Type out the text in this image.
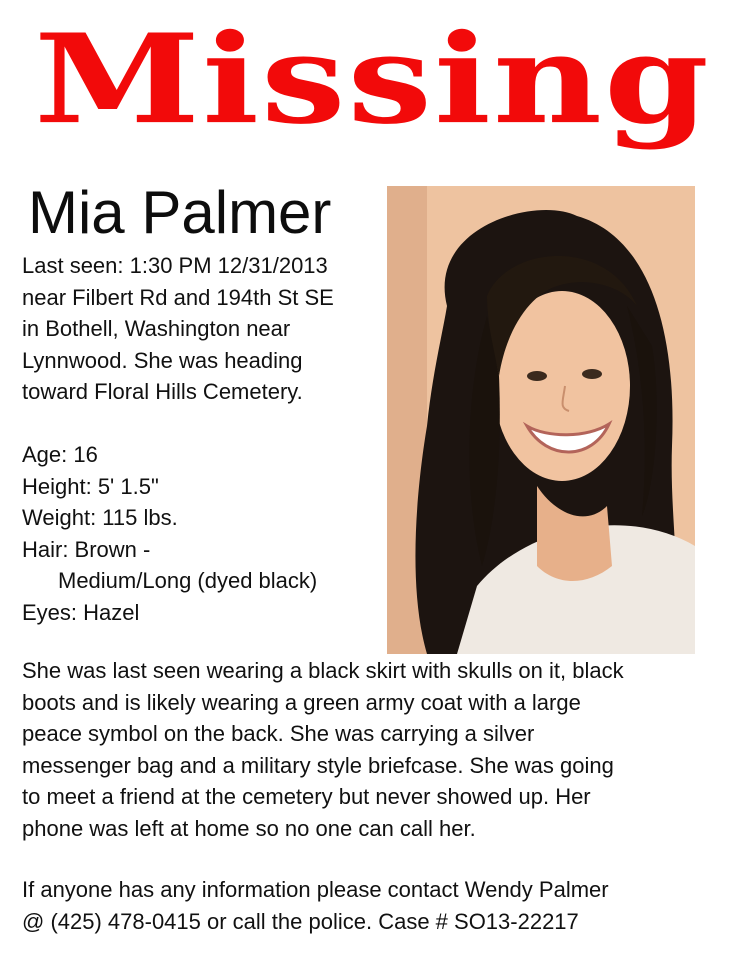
Missing
Mia Palmer
Last seen: 1:30 PM 12/31/2013
near Filbert Rd and 194th St SE
in Bothell, Washington near
Lynnwood. She was heading
toward Floral Hills Cemetery.
Age: 16
Height: 5' 1.5"
Weight: 115 lbs.
Hair: Brown -
Medium/Long (dyed black)
Eyes: Hazel
She was last seen wearing a black skirt with skulls on it, black
boots and is likely wearing a green army coat with a large
peace symbol on the back. She was carrying a silver
messenger bag and a military style briefcase. She was going
to meet a friend at the cemetery but never showed up. Her
phone was left at home so no one can call her.
If anyone has any information please contact Wendy Palmer
@ (425) 478-0415 or call the police. Case # SO13-22217
